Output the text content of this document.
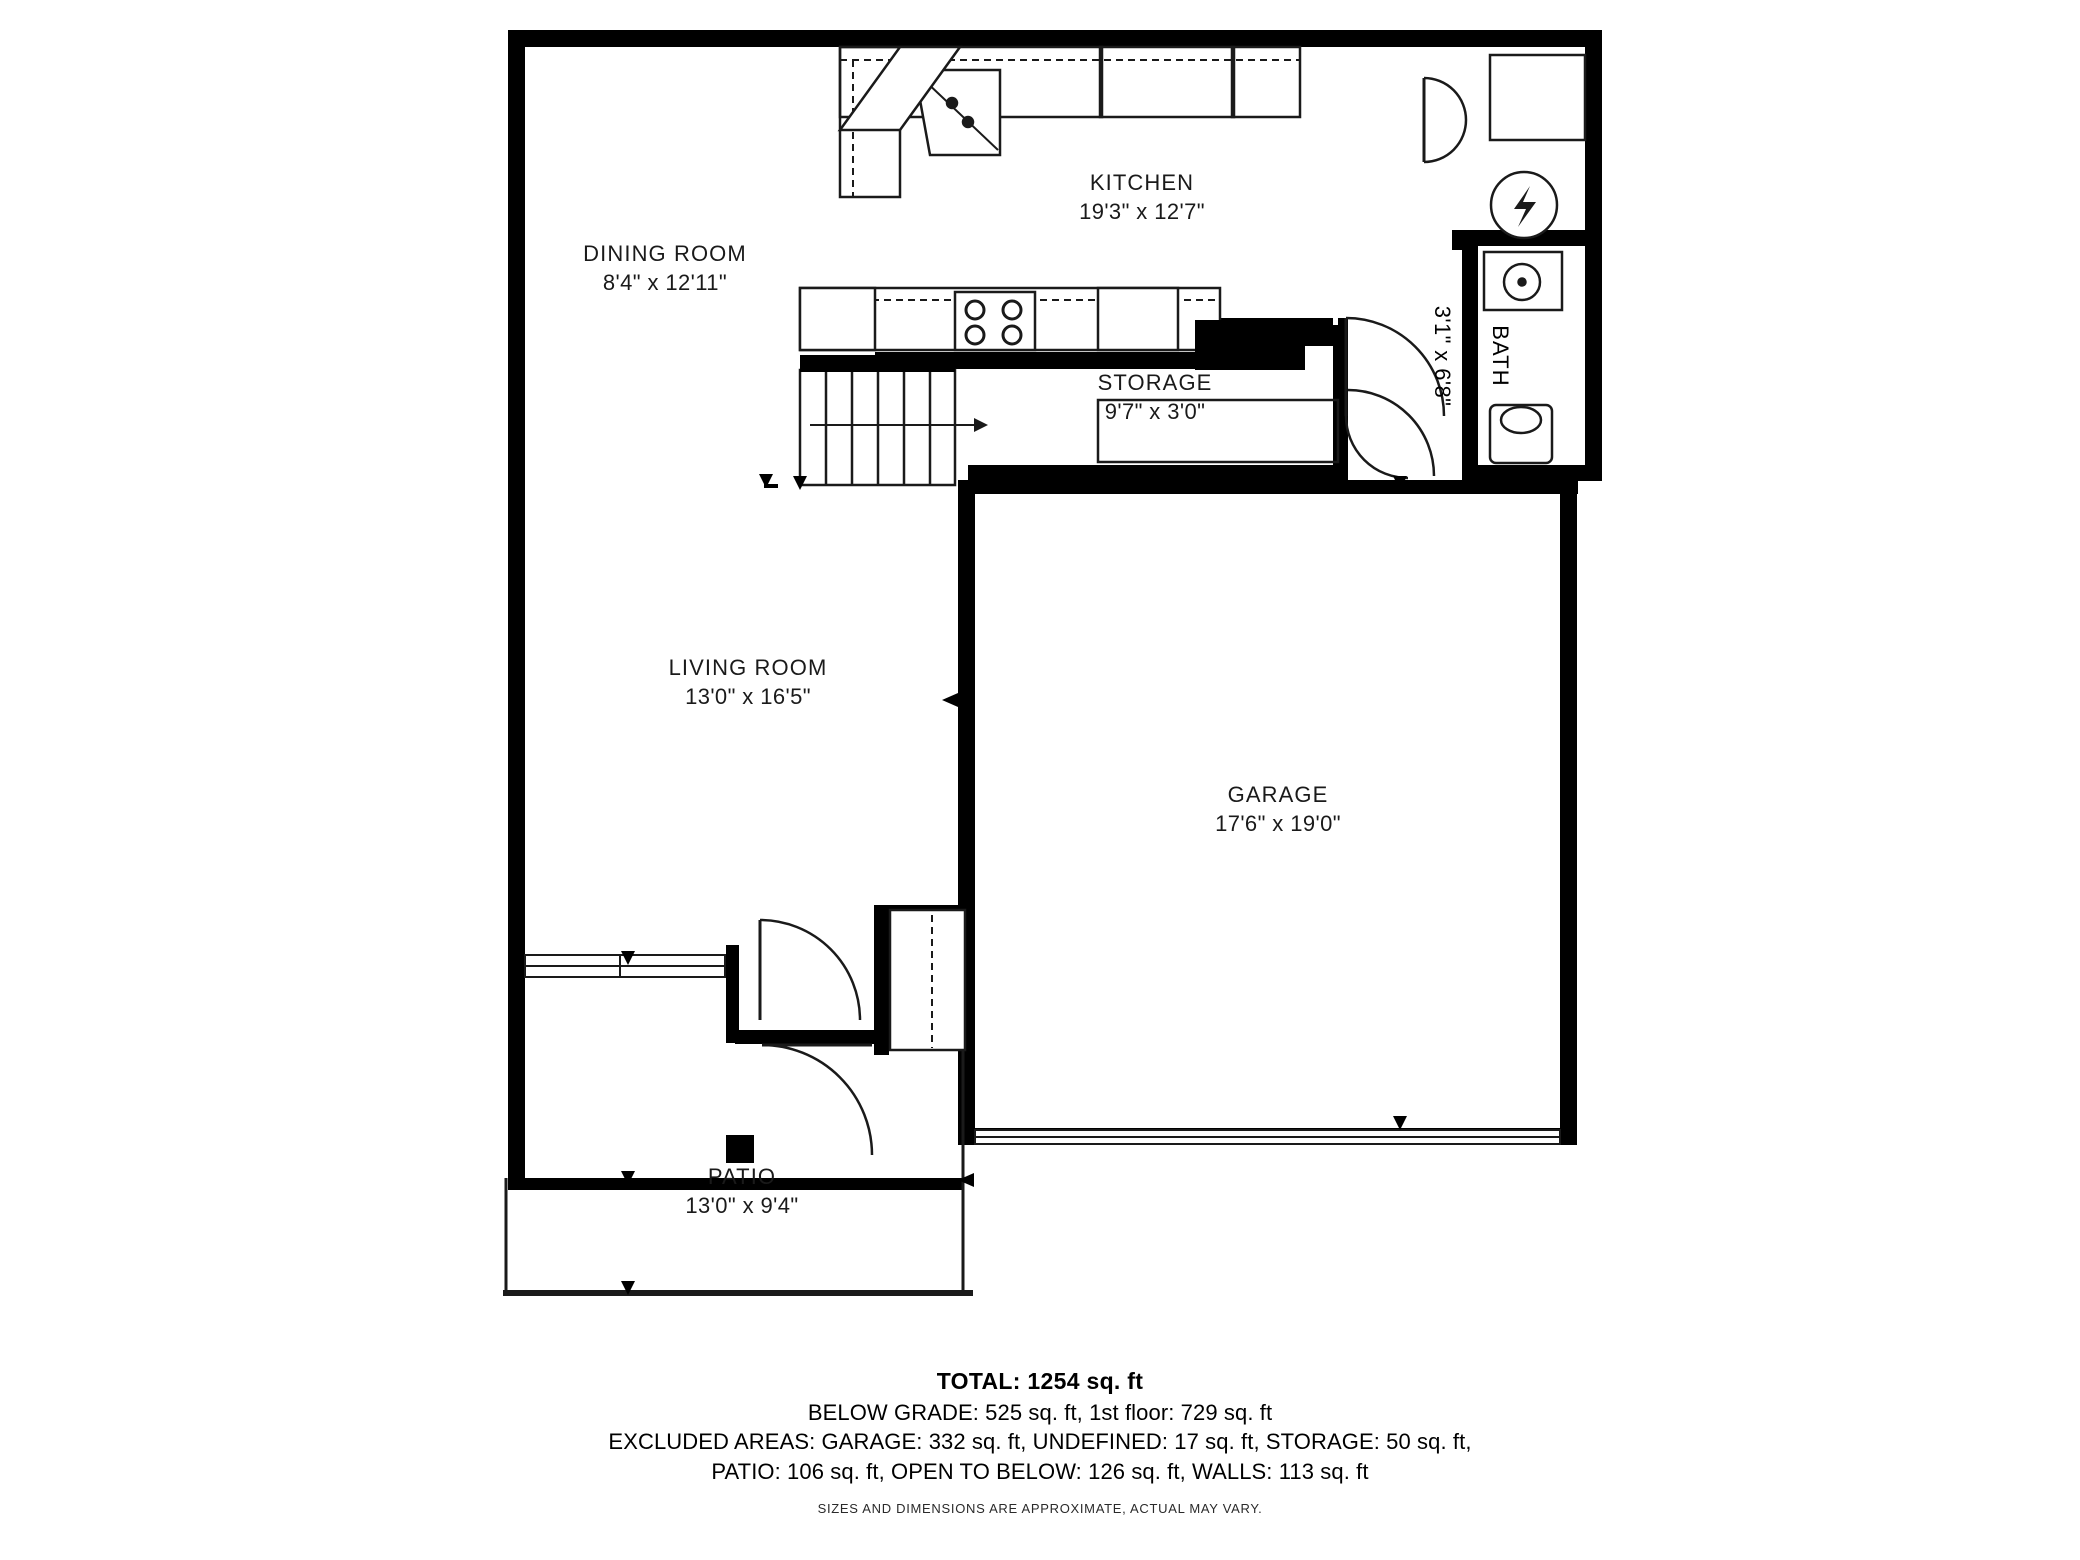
KITCHEN
19'3" x 12'7"
DINING ROOM
8'4" x 12'11"
STORAGE
9'7" x 3'0"
LIVING ROOM
13'0" x 16'5"
GARAGE
17'6" x 19'0"
PATIO
13'0" x 9'4"
BATH
3'1" x 6'8"
TOTAL: 1254 sq. ft
BELOW GRADE: 525 sq. ft, 1st floor: 729 sq. ft
EXCLUDED AREAS: GARAGE: 332 sq. ft, UNDEFINED: 17 sq. ft, STORAGE: 50 sq. ft,
PATIO: 106 sq. ft, OPEN TO BELOW: 126 sq. ft, WALLS: 113 sq. ft
SIZES AND DIMENSIONS ARE APPROXIMATE, ACTUAL MAY VARY.
